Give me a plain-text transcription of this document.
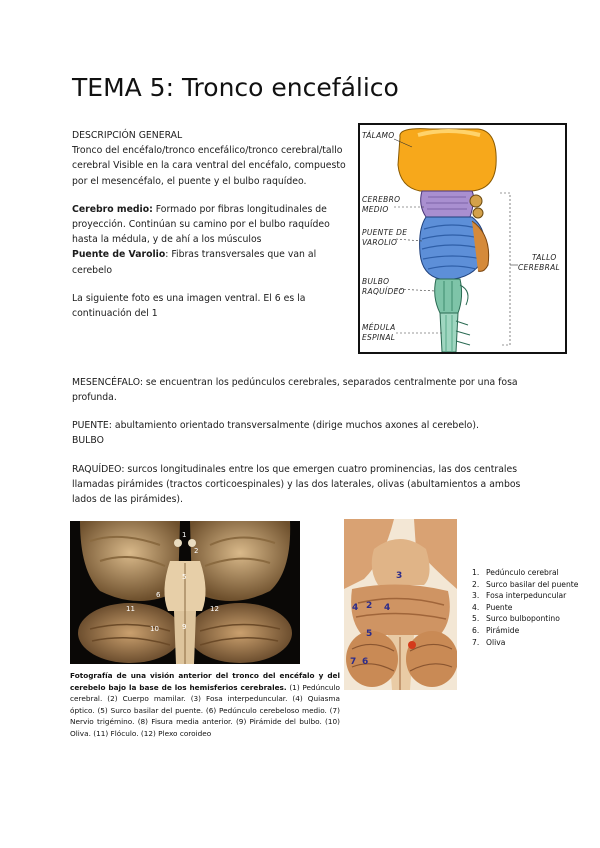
TEMA 5: Tronco encefálico
DESCRIPCIÓN GENERAL
Tronco del encéfalo/tronco encefálico/tronco cerebral/tallo cerebral Visible en la cara ventral del encéfalo, compuesto por el mesencéfalo, el puente y el bulbo raquídeo.
Cerebro medio: Formado por fibras longitudinales de proyección. Continúan su camino por el bulbo raquídeo hasta la médula, y de ahí a los músculos
Puente de Varolio: Fibras transversales que van al cerebelo
La siguiente foto es una imagen ventral. El 6 es la continuación del 1
TÁLAMO
CEREBRO
MEDIO
PUENTE DE
VAROLIO
BULBO
RAQUÍDEO
MÉDULA
ESPINAL
TALLO
CEREBRAL
MESENCÉFALO: se encuentran los pedúnculos cerebrales, separados centralmente por una fosa profunda.
PUENTE: abultamiento orientado transversalmente (dirige muchos axones al cerebelo).
BULBO
RAQUÍDEO: surcos longitudinales entre los que emergen cuatro prominencias, las dos centrales llamadas pirámides (tractos corticoespinales) y las dos laterales, olivas (abultamientos a ambos lados de las pirámides).
1
2
5
6
11	12
10	9
3
4 2 4
5
7 6
1. Pedúnculo cerebral
2. Surco basilar del puente
3. Fosa interpeduncular
4. Puente
5. Surco bulbopontino
6. Pirámide
7. Oliva

Fotografía de una visión anterior del tronco del encéfalo y del cerebelo bajo la base de los hemisferios cerebrales. (1) Pedúnculo cerebral. (2) Cuerpo mamilar. (3) Fosa interpeduncular. (4) Quiasma óptico. (5) Surco basilar del puente. (6) Pedúnculo cerebeloso medio. (7) Nervio trigémino. (8) Fisura media anterior. (9) Pirámide del bulbo. (10) Oliva. (11) Flóculo. (12) Plexo coroideo
